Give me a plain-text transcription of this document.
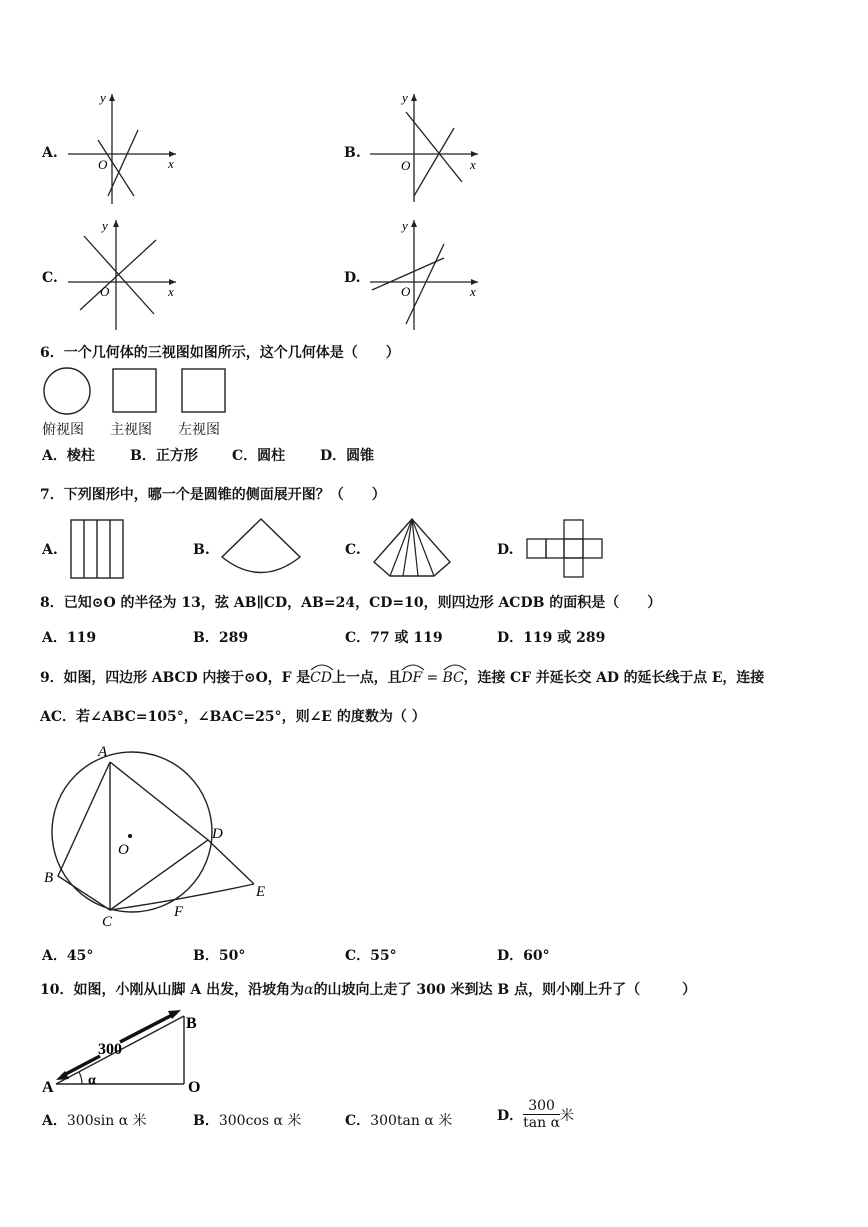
A.
y
x
O
B.
y
x
O
C.
y
x
O
D.
y
x
O
6．一个几何体的三视图如图所示，这个几何体是（　　）
俯视图 主视图 左视图
A．棱柱	B．正方形 C．圆柱 D．圆锥
7．下列图形中，哪一个是圆锥的侧面展开图？（　　）
A.	B.	C.	D.
8．已知⊙O 的半径为 13，弦 AB∥CD，AB=24，CD=10，则四边形 ACDB 的面积是（　　）
A．119	B．289	C．77 或 119	D．119 或 289
9．如图，四边形 ABCD 内接于⊙O，F 是
CD上一点，且
DF =
BC，连接 CF 并延长交 AD 的延长线于点 E，连接
AC．若∠ABC=105°，∠BAC=25°，则∠E 的度数为（ ）
A
B
C
D
E
F
O
A．45°	B．50°	C．55°	D．60°
10．如图，小刚从山脚 A 出发，沿坡角为α的山坡向上走了 300 米到达 B 点，则小刚上升了（　　　）
300
α
A
B
O
A．300sin α 米	B．300cos α 米	C．300tan α 米	D． $\frac{300}{\text{tan α}}$ 米
